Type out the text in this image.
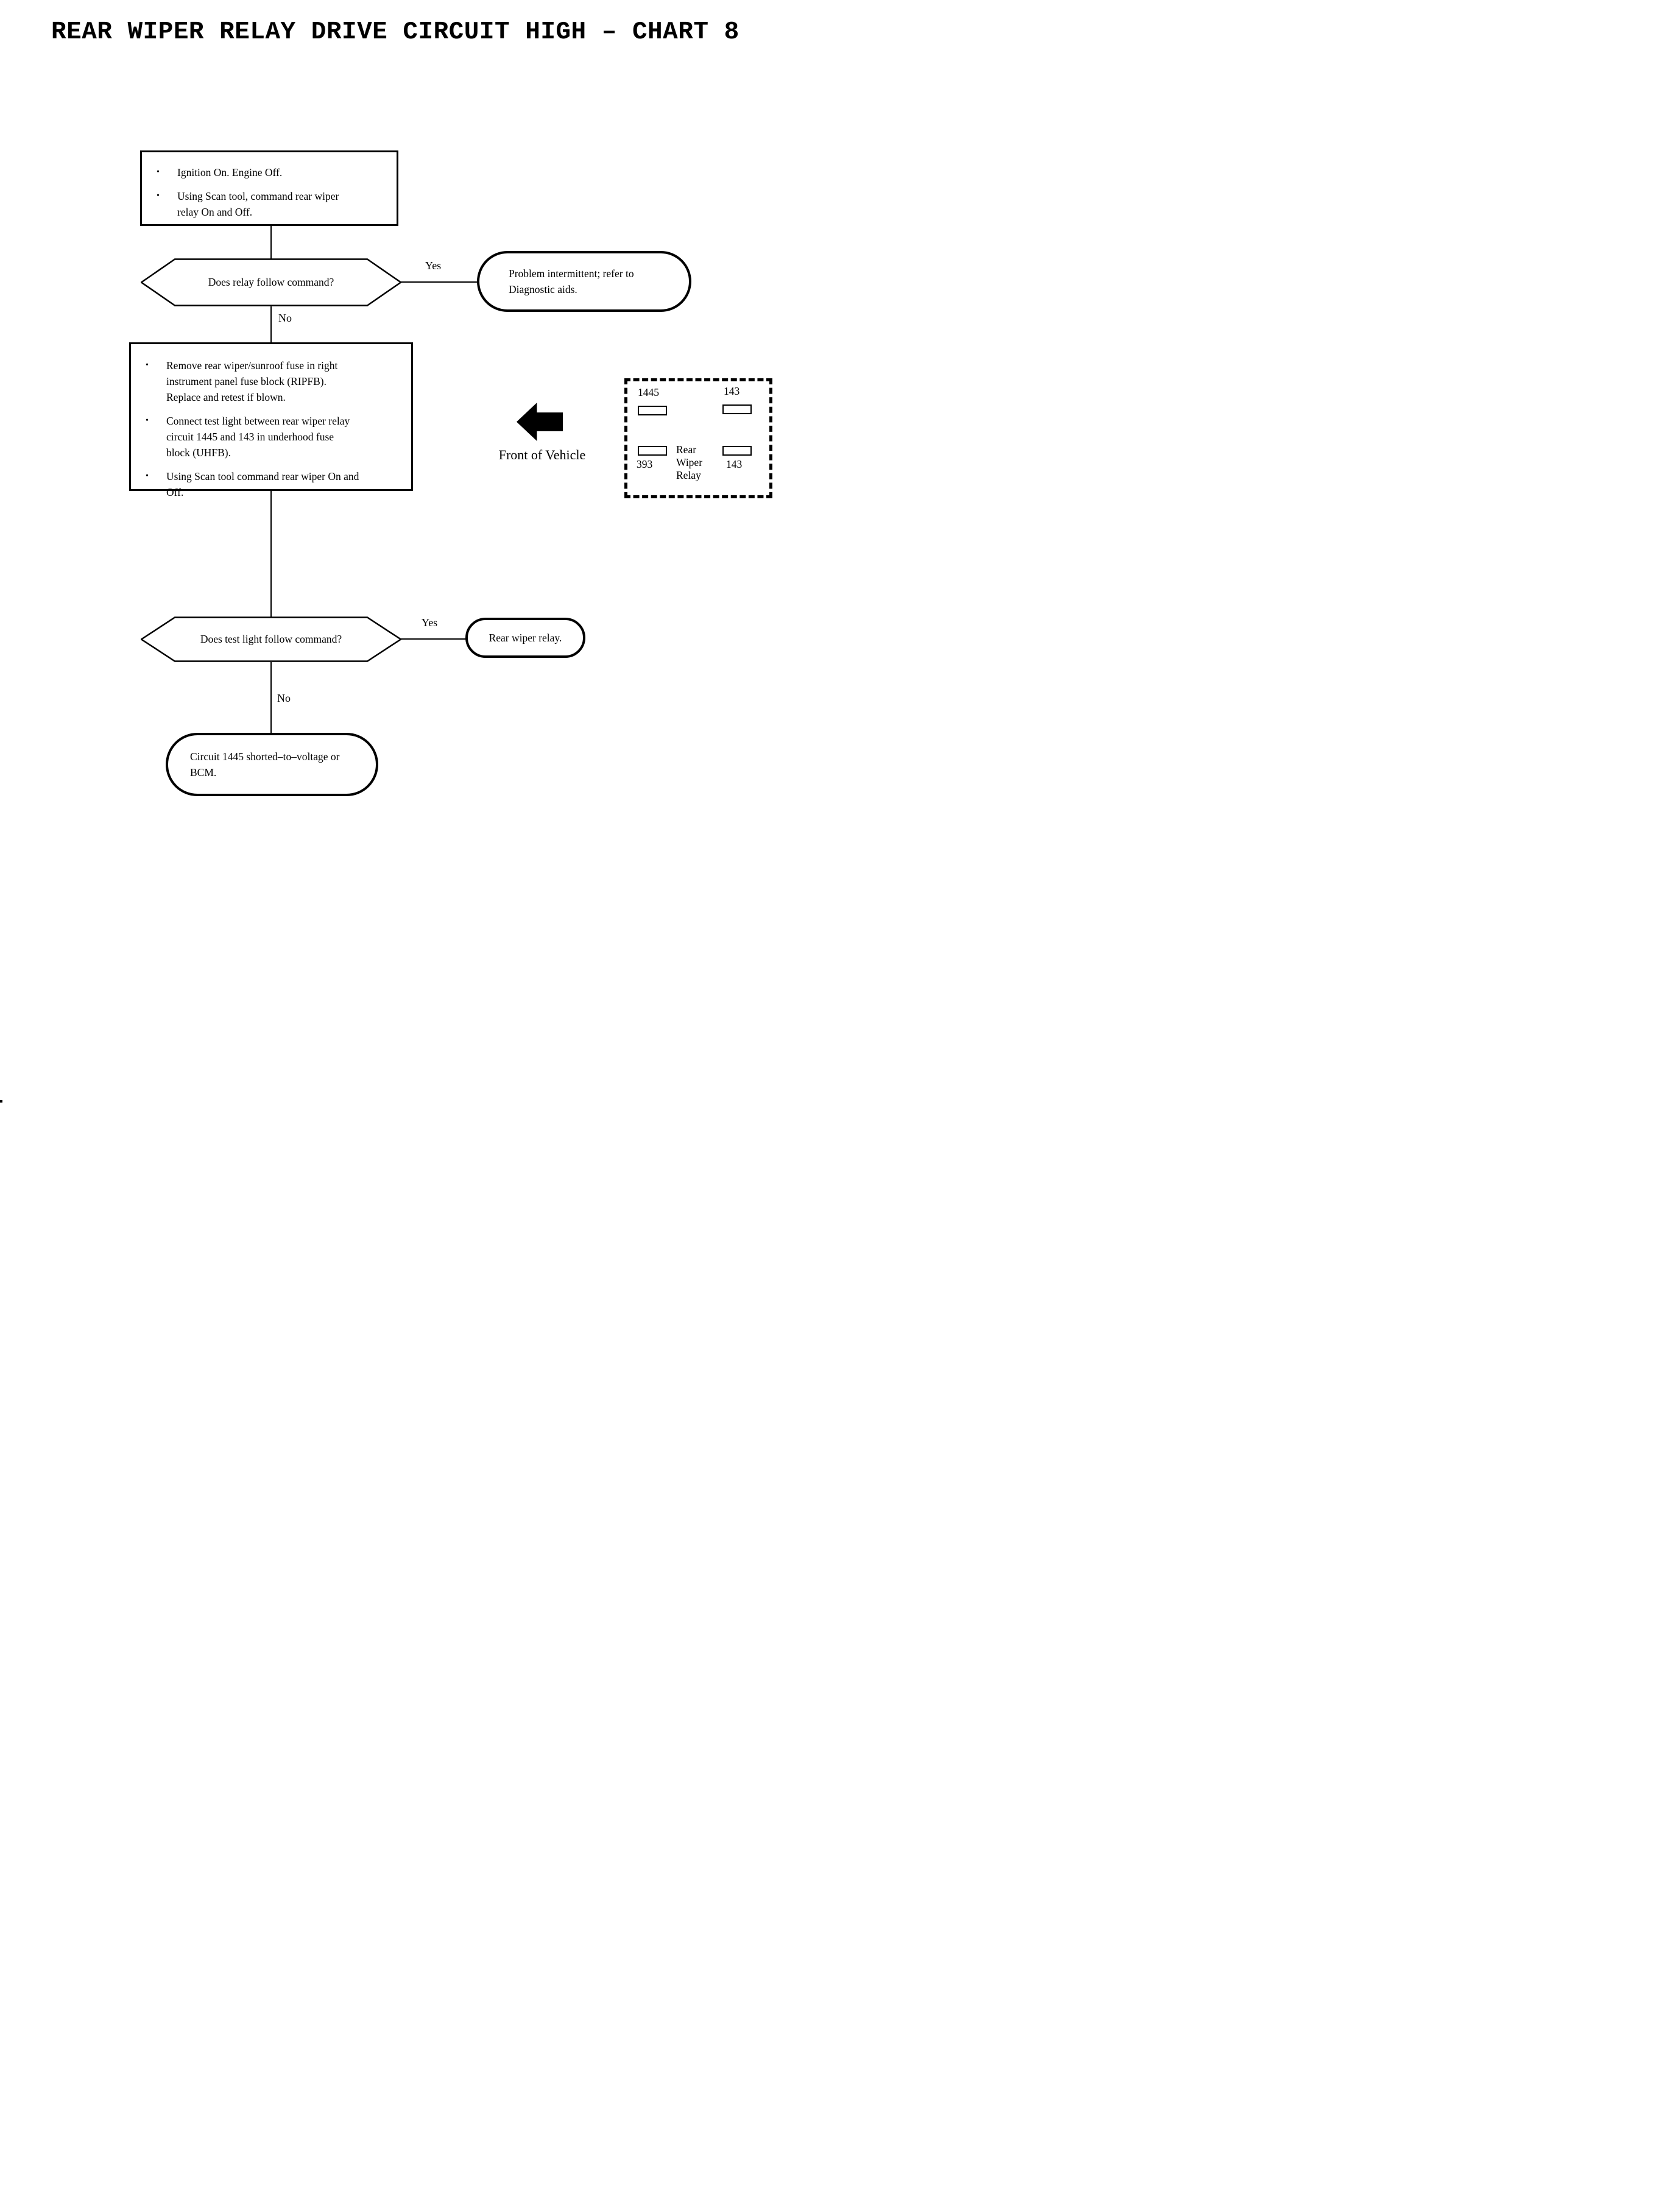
REAR WIPER RELAY DRIVE CIRCUIT HIGH – CHART 8
•
Ignition On. Engine Off.
•
Using Scan tool, command rear wiper relay On and Off.
Does relay follow command?
Yes
Problem intermittent; refer to Diagnostic aids.
No
•
Remove rear wiper/sunroof fuse in right instrument panel fuse block (RIPFB). Replace and retest if blown.
•
Connect test light between rear wiper relay circuit 1445 and 143 in underhood fuse block (UHFB).
•
Using Scan tool command rear wiper On and Off.
1445	143
393
Rear Wiper Relay
143
Front of Vehicle
Does test light follow command?
Yes
Rear wiper relay.
No
Circuit 1445 shorted–to–voltage or BCM.
